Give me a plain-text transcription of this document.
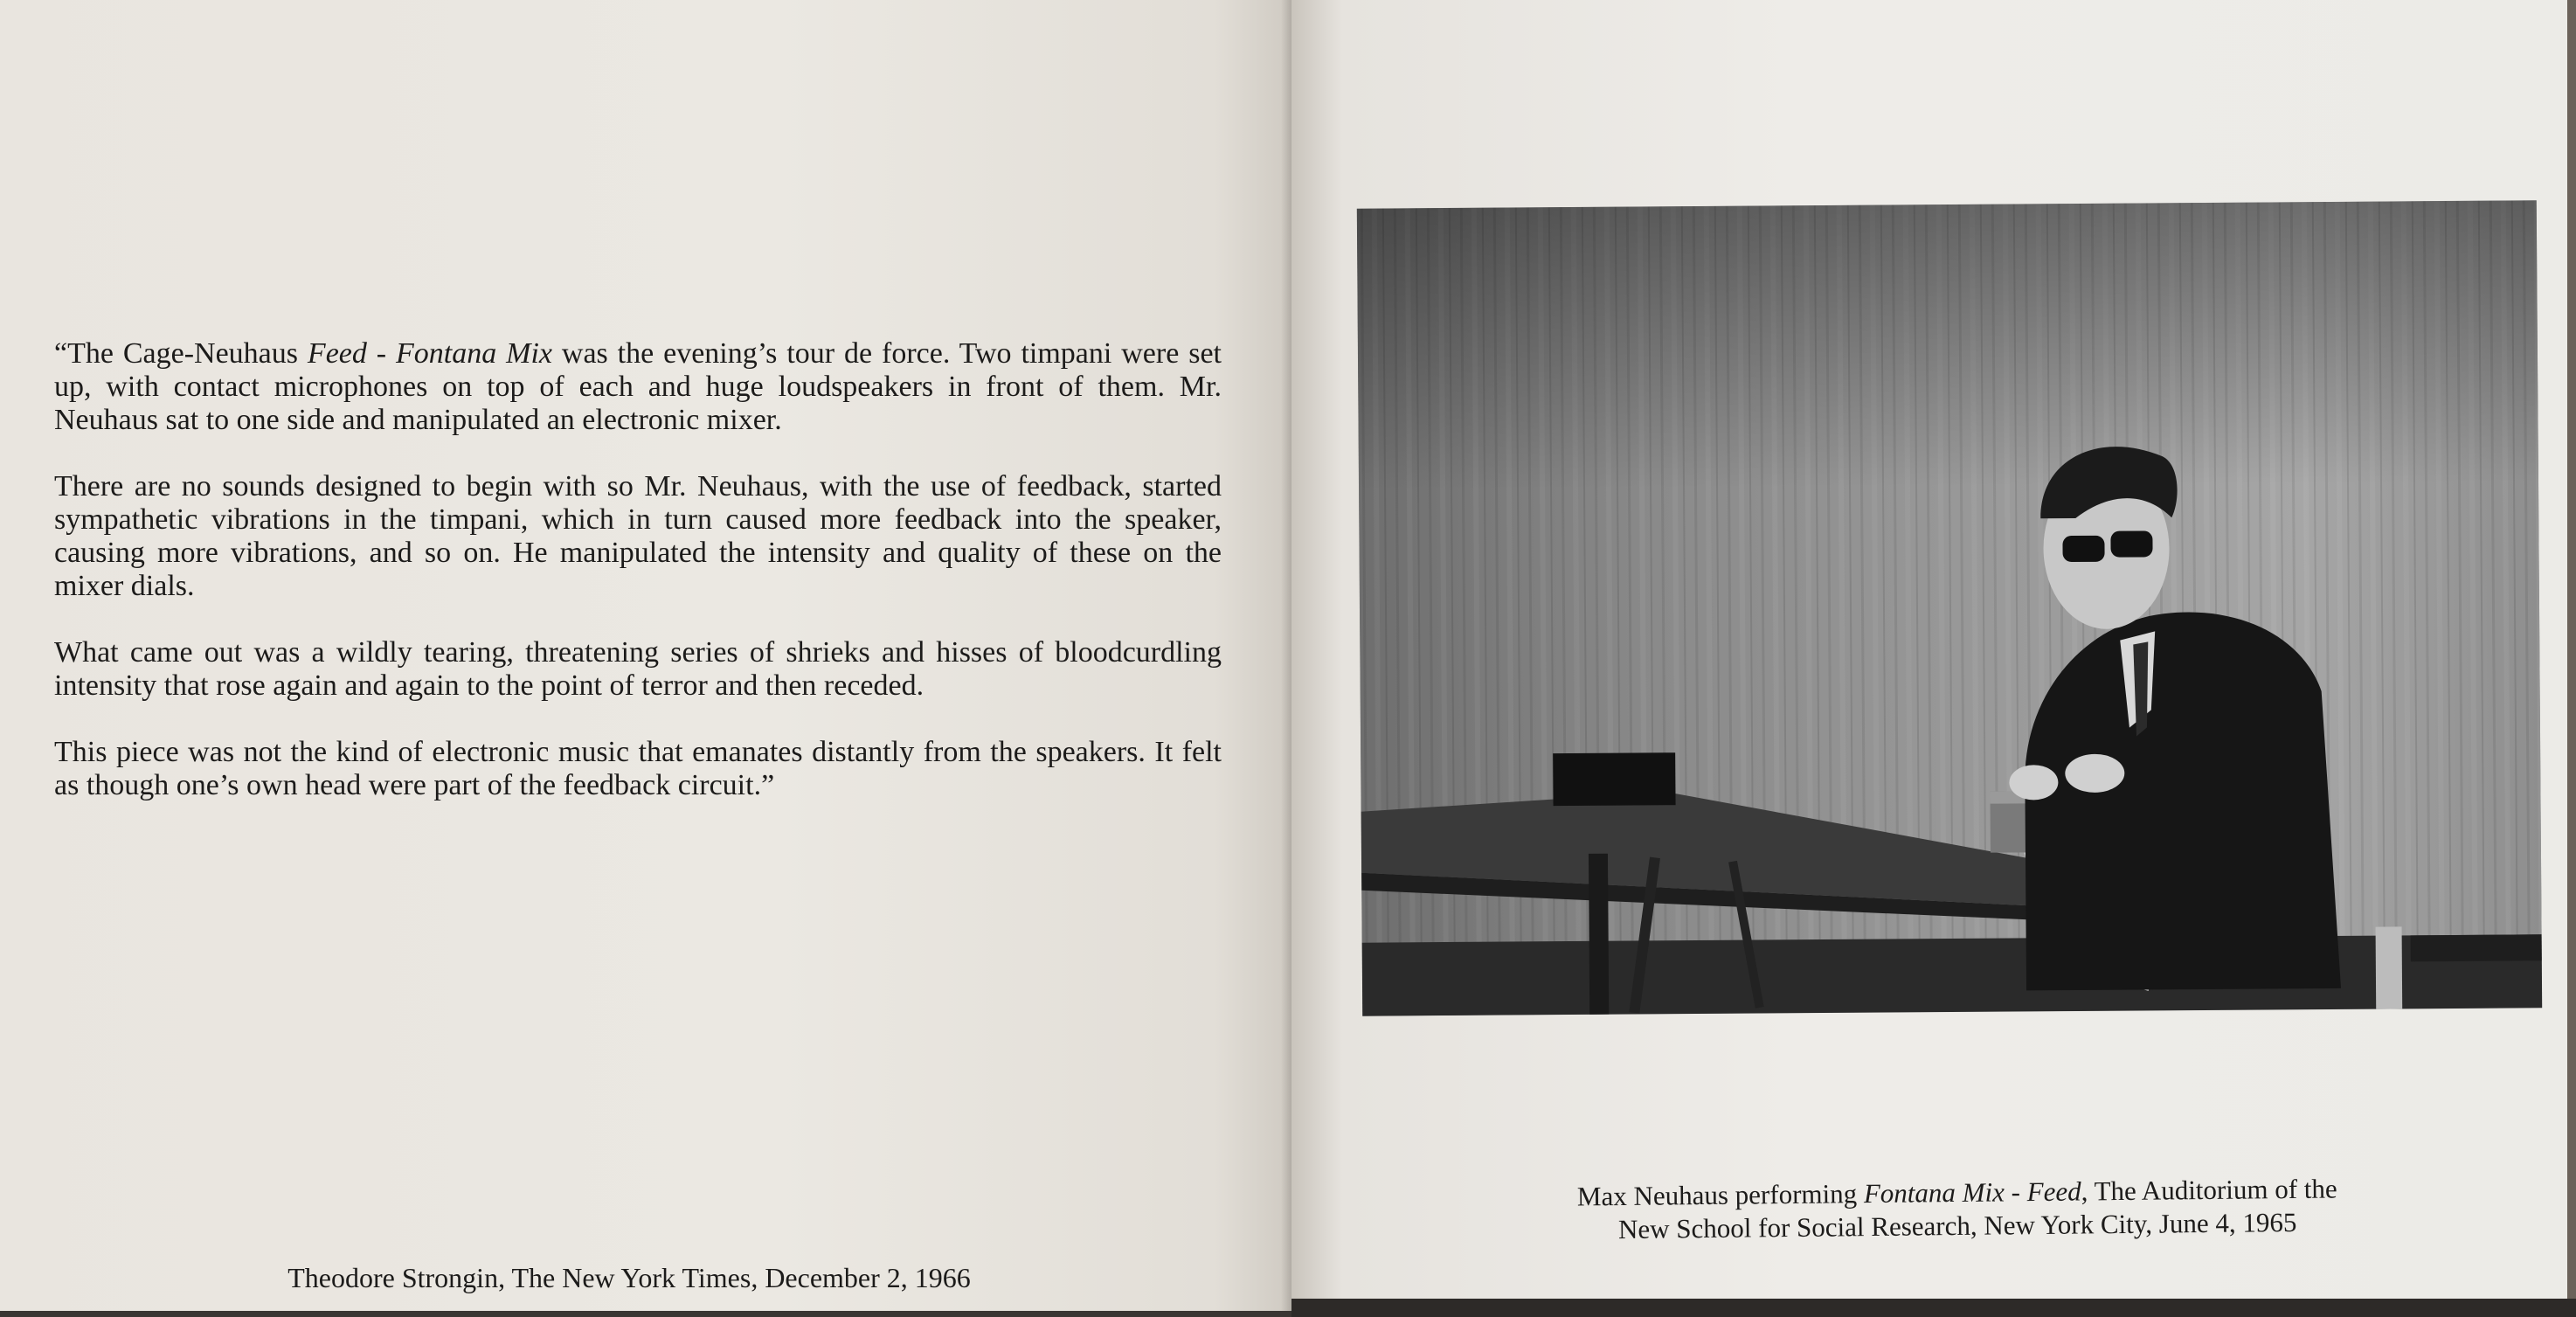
“The Cage-Neuhaus Feed - Fontana Mix was the evening’s tour de force. Two timpani were set up, with contact microphones on top of each and huge loudspeakers in front of them. Mr. Neuhaus sat to one side and manipulated an electronic mixer.

There are no sounds designed to begin with so Mr. Neuhaus, with the use of feedback, started sympathetic vibrations in the timpani, which in turn caused more feedback into the speaker, causing more vibrations, and so on. He manipulated the intensity and quality of these on the mixer dials.

What came out was a wildly tearing, threatening series of shrieks and hisses of bloodcurdling intensity that rose again and again to the point of terror and then receded.

This piece was not the kind of electronic music that emanates distantly from the speakers. It felt as though one’s own head were part of the feedback circuit.”

Theodore Strongin, The New York Times, December 2, 1966
Max Neuhaus performing Fontana Mix - Feed, The Auditorium of the
New School for Social Research, New York City, June 4, 1965
